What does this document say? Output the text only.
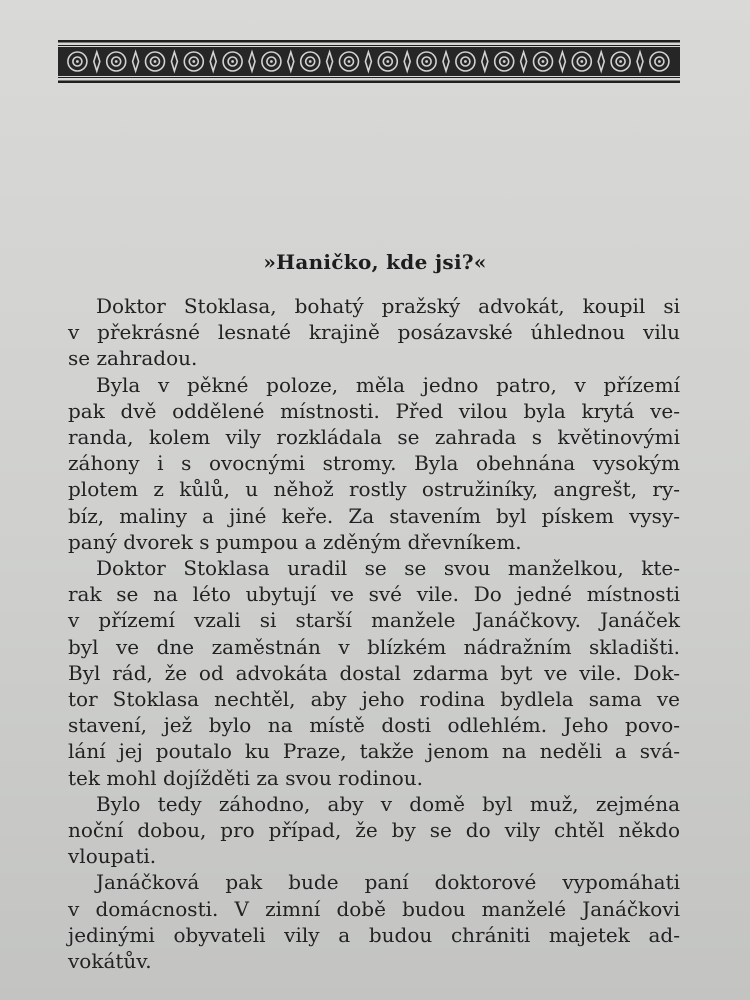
»Haničko, kde jsi?«

Doktor Stoklasa, bohatý pražský advokát, koupil si
v překrásné lesnaté krajině posázavské úhlednou vilu
se zahradou.

Byla v pěkné poloze, měla jedno patro, v přízemí
pak dvě oddělené místnosti. Před vilou byla krytá ve-
randa, kolem vily rozkládala se zahrada s květinovými
záhony i s ovocnými stromy. Byla obehnána vysokým
plotem z kůlů, u něhož rostly ostružiníky, angrešt, ry-
bíz, maliny a jiné keře. Za stavením byl pískem vysy-
paný dvorek s pumpou a zděným dřevníkem.

Doktor Stoklasa uradil se se svou manželkou, kte-
rak se na léto ubytují ve své vile. Do jedné místnosti
v přízemí vzali si starší manžele Janáčkovy. Janáček
byl ve dne zaměstnán v blízkém nádražním skladišti.
Byl rád, že od advokáta dostal zdarma byt ve vile. Dok-
tor Stoklasa nechtěl, aby jeho rodina bydlela sama ve
stavení, jež bylo na místě dosti odlehlém. Jeho povo-
lání jej poutalo ku Praze, takže jenom na neděli a svá-
tek mohl dojížděti za svou rodinou.

Bylo tedy záhodno, aby v domě byl muž, zejména
noční dobou, pro případ, že by se do vily chtěl někdo
vloupati.

Janáčková pak bude paní doktorové vypomáhati
v domácnosti. V zimní době budou manželé Janáčkovi
jedinými obyvateli vily a budou chrániti majetek ad-
vokátův.
